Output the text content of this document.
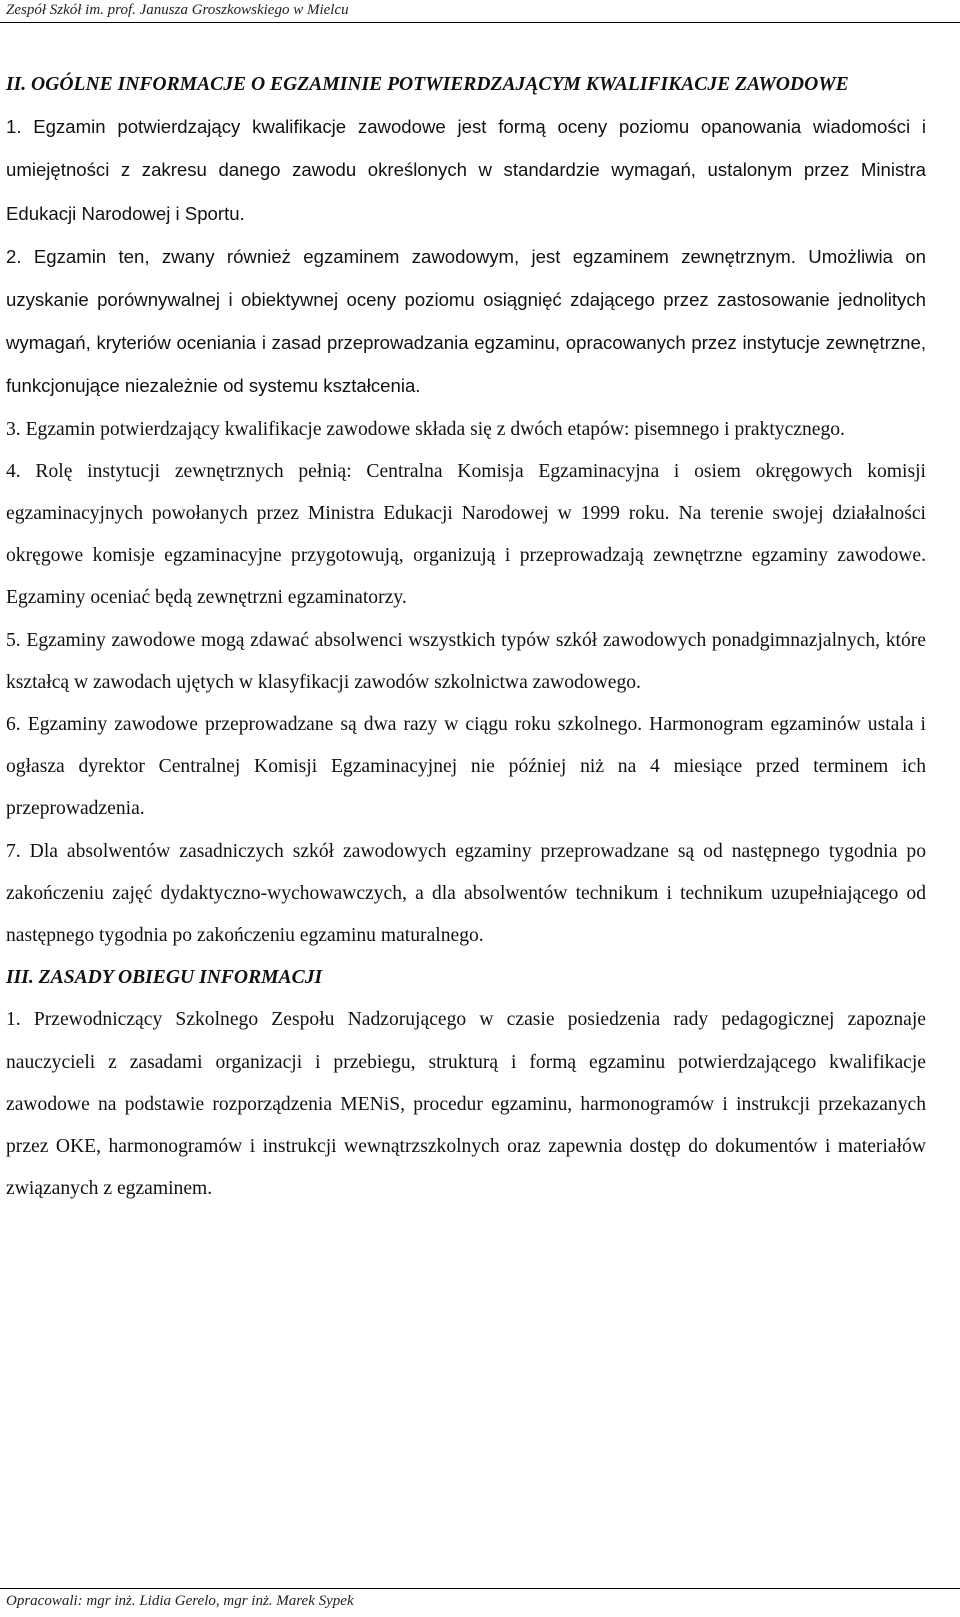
Zespół Szkół im. prof. Janusza Groszkowskiego w Mielcu
II. OGÓLNE INFORMACJE O EGZAMINIE POTWIERDZAJĄCYM KWALIFIKACJE ZAWODOWE

1. Egzamin potwierdzający kwalifikacje zawodowe jest formą oceny poziomu opanowania wiadomości i umiejętności z zakresu danego zawodu określonych w standardzie wymagań, ustalonym przez Ministra Edukacji Narodowej i Sportu.

2. Egzamin ten, zwany również egzaminem zawodowym, jest egzaminem zewnętrznym. Umożliwia on uzyskanie porównywalnej i obiektywnej oceny poziomu osiągnięć zdającego przez zastosowanie jednolitych wymagań, kryteriów oceniania i zasad przeprowadzania egzaminu, opracowanych przez instytucje zewnętrzne, funkcjonujące niezależnie od systemu kształcenia.

3. Egzamin potwierdzający kwalifikacje zawodowe składa się z dwóch etapów: pisemnego i praktycznego.

4. Rolę instytucji zewnętrznych pełnią: Centralna Komisja Egzaminacyjna i osiem okręgowych komisji egzaminacyjnych powołanych przez Ministra Edukacji Narodowej w 1999 roku. Na terenie swojej działalności okręgowe komisje egzaminacyjne przygotowują, organizują i przeprowadzają zewnętrzne egzaminy zawodowe. Egzaminy oceniać będą zewnętrzni egzaminatorzy.

5. Egzaminy zawodowe mogą zdawać absolwenci wszystkich typów szkół zawodowych ponadgimnazjalnych, które kształcą w zawodach ujętych w klasyfikacji zawodów szkolnictwa zawodowego.

6. Egzaminy zawodowe przeprowadzane są dwa razy w ciągu roku szkolnego. Harmonogram egzaminów ustala i ogłasza dyrektor Centralnej Komisji Egzaminacyjnej nie później niż na 4 miesiące przed terminem ich przeprowadzenia.

7. Dla absolwentów zasadniczych szkół zawodowych egzaminy przeprowadzane są od następnego tygodnia po zakończeniu zajęć dydaktyczno-wychowawczych, a dla absolwentów technikum i technikum uzupełniającego od następnego tygodnia po zakończeniu egzaminu maturalnego.

III. ZASADY OBIEGU INFORMACJI

1. Przewodniczący Szkolnego Zespołu Nadzorującego w czasie posiedzenia rady pedagogicznej zapoznaje nauczycieli z zasadami organizacji i przebiegu, strukturą i formą egzaminu potwierdzającego kwalifikacje zawodowe na podstawie rozporządzenia MENiS, procedur egzaminu, harmonogramów i instrukcji przekazanych przez OKE, harmonogramów i instrukcji wewnątrzszkolnych oraz zapewnia dostęp do dokumentów i materiałów związanych z egzaminem.

Opracowali: mgr inż. Lidia Gerelo, mgr inż. Marek Sypek
